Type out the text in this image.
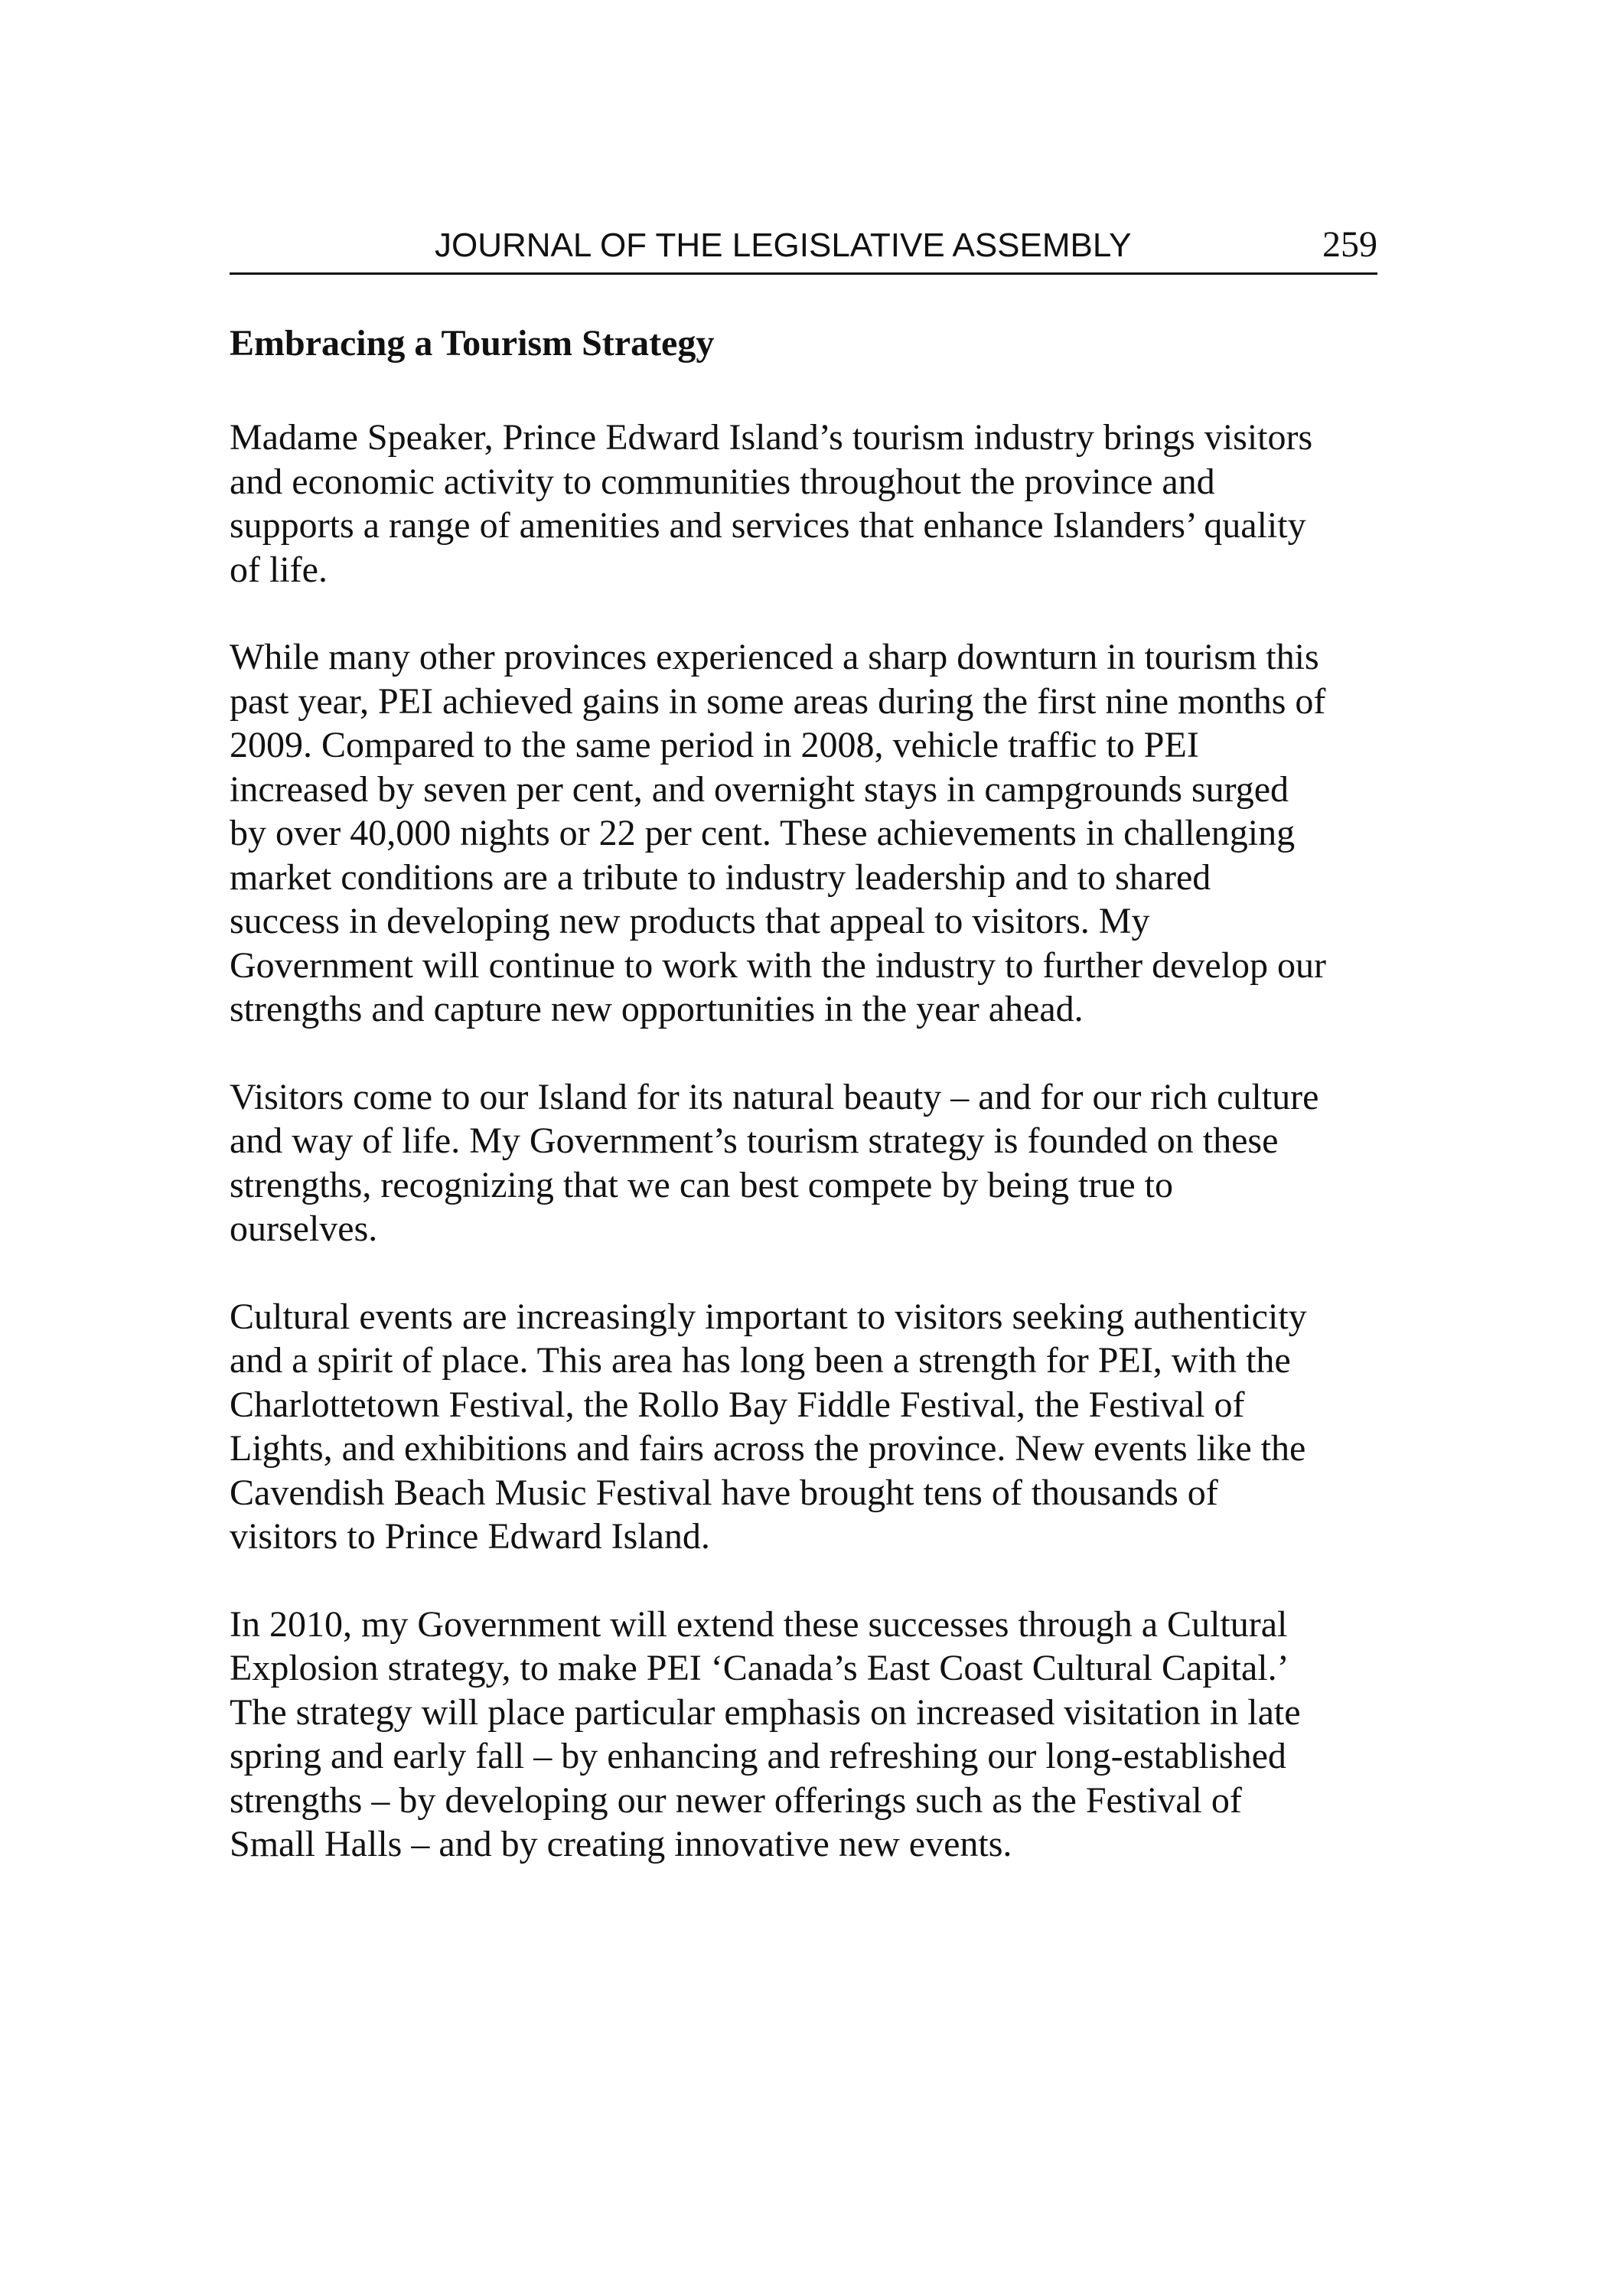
JOURNAL OF THE LEGISLATIVE ASSEMBLY	259
Embracing a Tourism Strategy
Madame Speaker, Prince Edward Island’s tourism industry brings visitors
and economic activity to communities throughout the province and
supports a range of amenities and services that enhance Islanders’ quality
of life.
While many other provinces experienced a sharp downturn in tourism this
past year, PEI achieved gains in some areas during the first nine months of
2009. Compared to the same period in 2008, vehicle traffic to PEI
increased by seven per cent, and overnight stays in campgrounds surged
by over 40,000 nights or 22 per cent. These achievements in challenging
market conditions are a tribute to industry leadership and to shared
success in developing new products that appeal to visitors. My
Government will continue to work with the industry to further develop our
strengths and capture new opportunities in the year ahead.
Visitors come to our Island for its natural beauty – and for our rich culture
and way of life. My Government’s tourism strategy is founded on these
strengths, recognizing that we can best compete by being true to
ourselves.
Cultural events are increasingly important to visitors seeking authenticity
and a spirit of place. This area has long been a strength for PEI, with the
Charlottetown Festival, the Rollo Bay Fiddle Festival, the Festival of
Lights, and exhibitions and fairs across the province. New events like the
Cavendish Beach Music Festival have brought tens of thousands of
visitors to Prince Edward Island.
In 2010, my Government will extend these successes through a Cultural
Explosion strategy, to make PEI ‘Canada’s East Coast Cultural Capital.’
The strategy will place particular emphasis on increased visitation in late
spring and early fall – by enhancing and refreshing our long-established
strengths – by developing our newer offerings such as the Festival of
Small Halls – and by creating innovative new events.
